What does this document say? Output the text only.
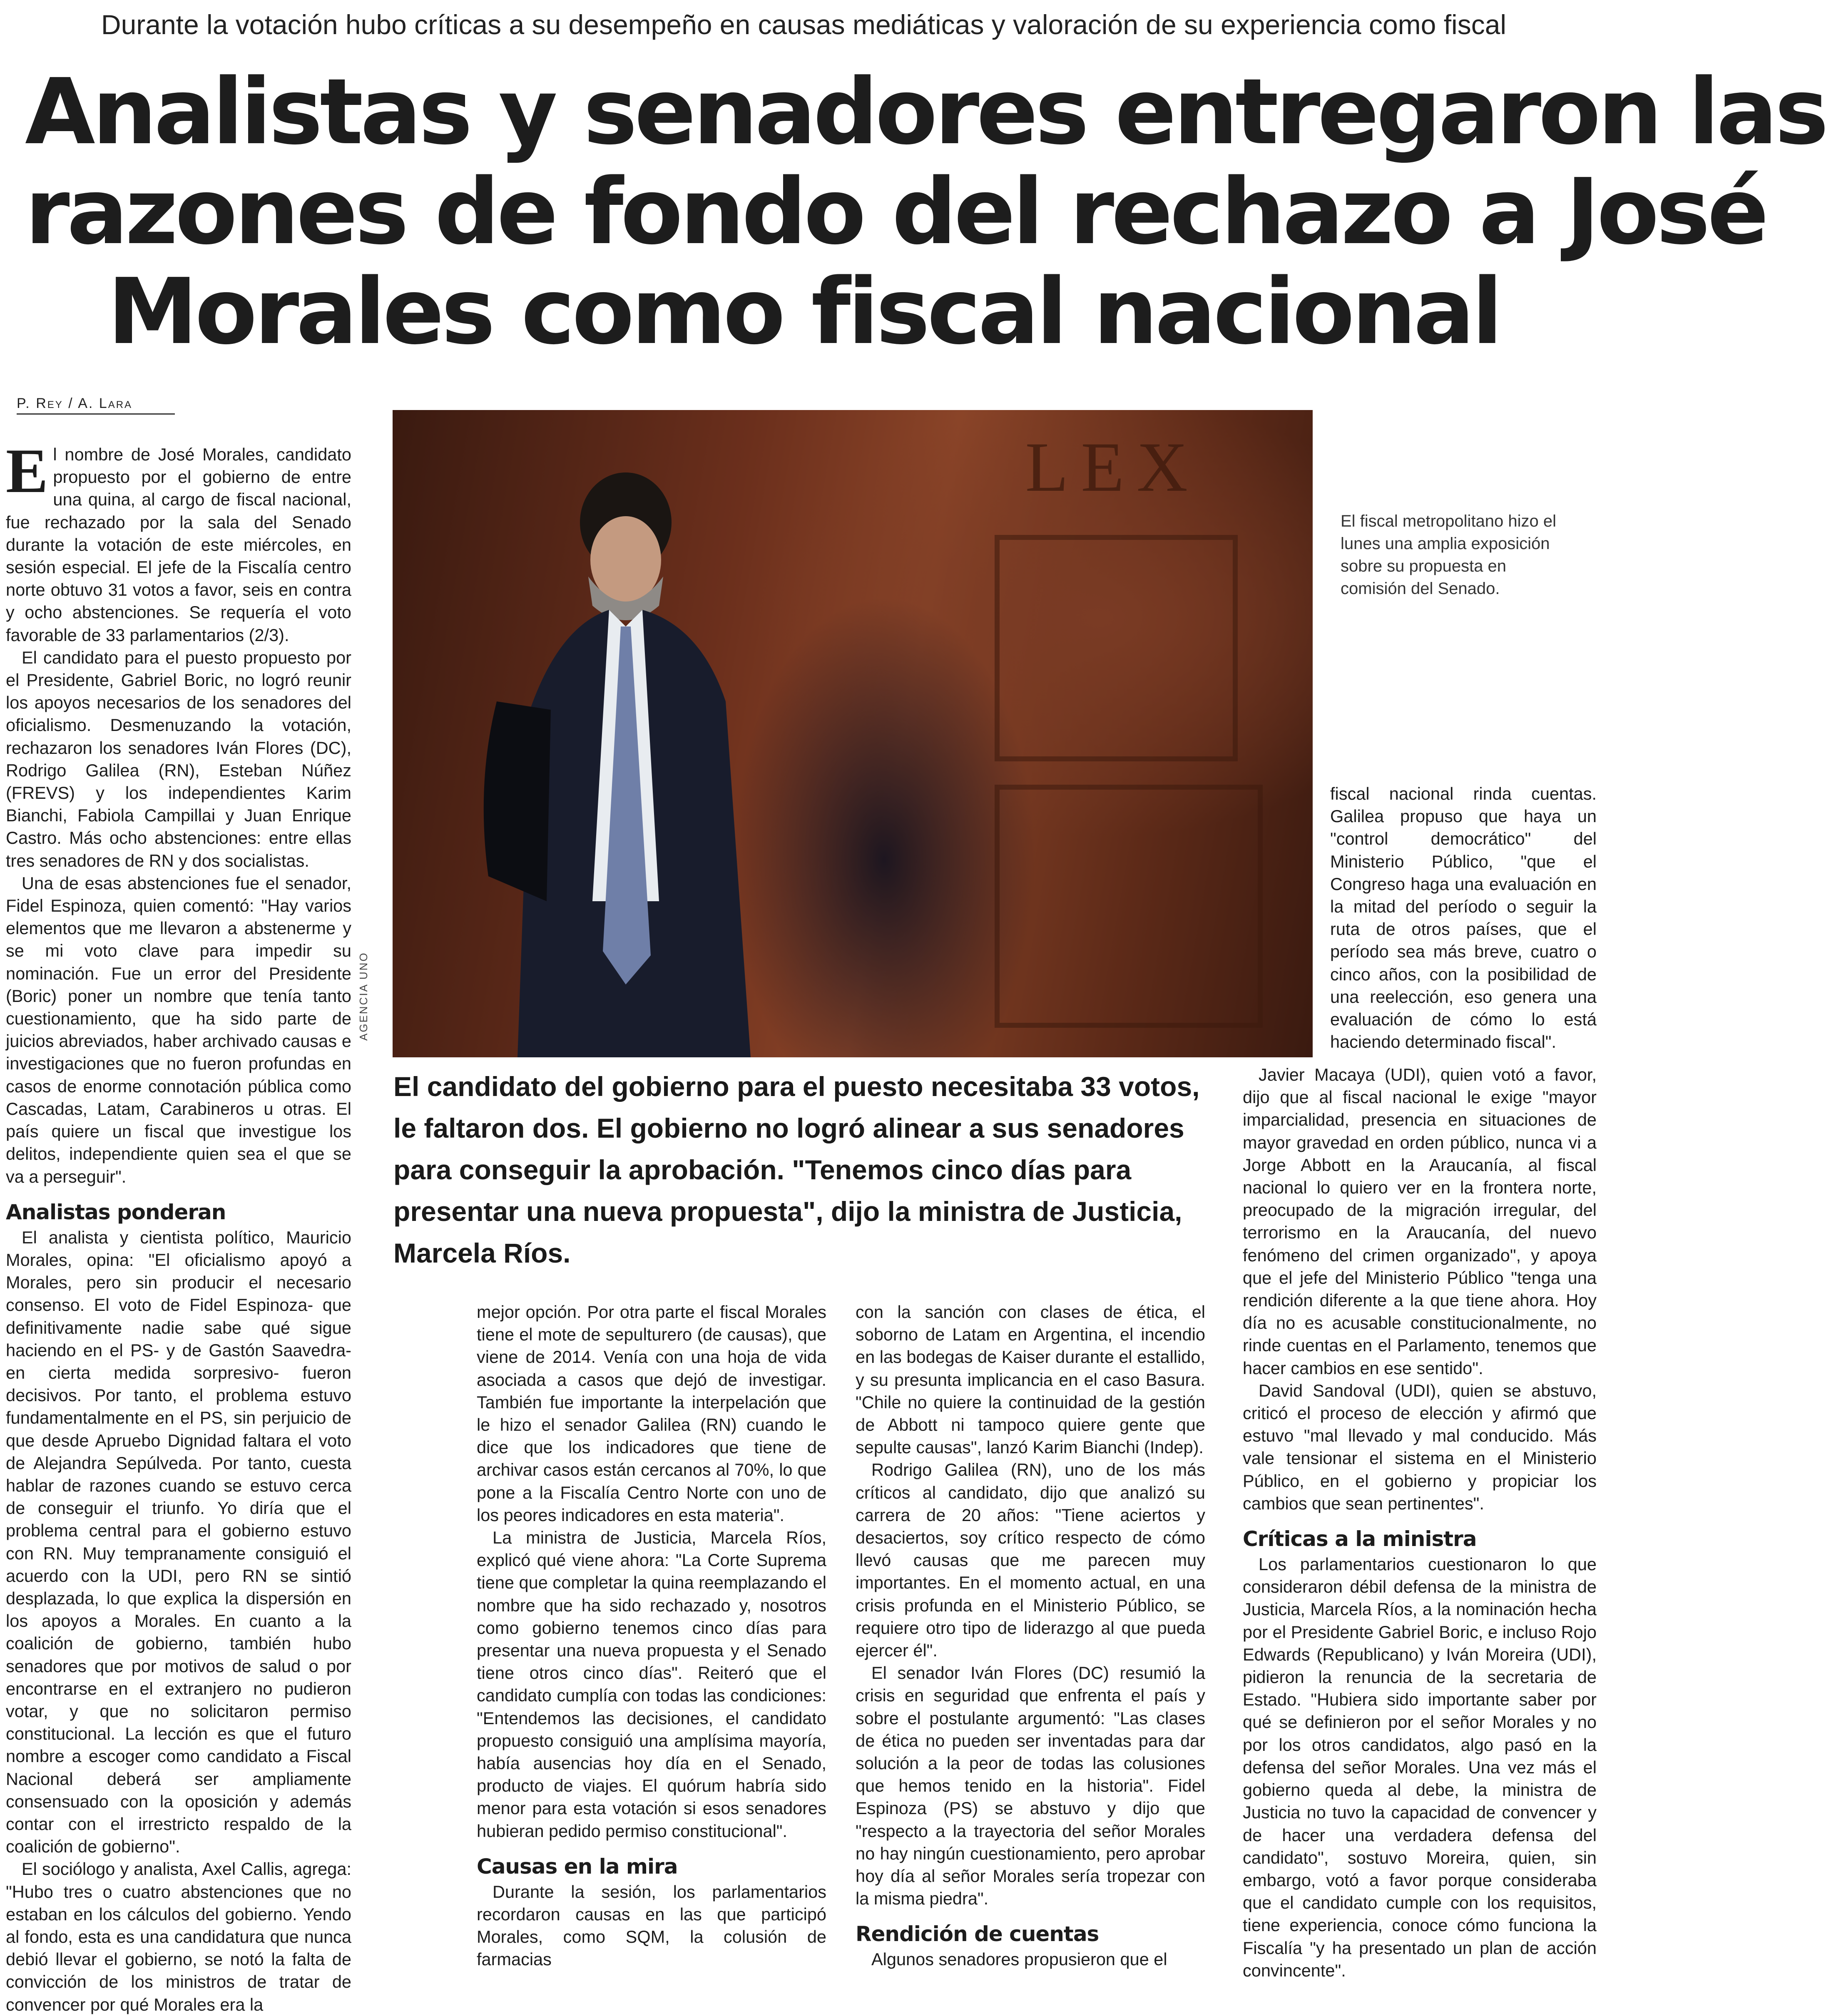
Durante la votación hubo críticas a su desempeño en causas mediáticas y valoración de su experiencia como fiscal
Analistas y senadores entregaron las
razones de fondo del rechazo a José
Morales como fiscal nacional
P. Rey / A. Lara

El nombre de José Morales, candidato propuesto por el gobierno de entre una quina, al cargo de fiscal nacional, fue rechazado por la sala del Senado durante la votación de este miércoles, en sesión especial. El jefe de la Fiscalía centro norte obtuvo 31 votos a favor, seis en contra y ocho abstenciones. Se requería el voto favorable de 33 parlamentarios (2/3).

El candidato para el puesto propuesto por el Presidente, Gabriel Boric, no logró reunir los apoyos necesarios de los senadores del oficialismo. Desmenuzando la votación, rechazaron los senadores Iván Flores (DC), Rodrigo Galilea (RN), Esteban Núñez (FREVS) y los independientes Karim Bianchi, Fabiola Campillai y Juan Enrique Castro. Más ocho abstenciones: entre ellas tres senadores de RN y dos socialistas.

Una de esas abstenciones fue el senador, Fidel Espinoza, quien comentó: "Hay varios elementos que me llevaron a abstenerme y se mi voto clave para impedir su nominación. Fue un error del Presidente (Boric) poner un nombre que tenía tanto cuestionamiento, que ha sido parte de juicios abreviados, haber archivado causas e investigaciones que no fueron profundas en casos de enorme connotación pública como Cascadas, Latam, Carabineros u otras. El país quiere un fiscal que investigue los delitos, independiente quien sea el que se va a perseguir".

Analistas ponderan

El analista y cientista político, Mauricio Morales, opina: "El oficialismo apoyó a Morales, pero sin producir el necesario consenso. El voto de Fidel Espinoza- que definitivamente nadie sabe qué sigue haciendo en el PS- y de Gastón Saavedra- en cierta medida sorpresivo- fueron decisivos. Por tanto, el problema estuvo fundamentalmente en el PS, sin perjuicio de que desde Apruebo Dignidad faltara el voto de Alejandra Sepúlveda. Por tanto, cuesta hablar de razones cuando se estuvo cerca de conseguir el triunfo. Yo diría que el problema central para el gobierno estuvo con RN. Muy tempranamente consiguió el acuerdo con la UDI, pero RN se sintió desplazada, lo que explica la dispersión en los apoyos a Morales. En cuanto a la coalición de gobierno, también hubo senadores que por motivos de salud o por encontrarse en el extranjero no pudieron votar, y que no solicitaron permiso constitucional. La lección es que el futuro nombre a escoger como candidato a Fiscal Nacional deberá ser ampliamente consensuado con la oposición y además contar con el irrestricto respaldo de la coalición de gobierno".

El sociólogo y analista, Axel Callis, agrega: "Hubo tres o cuatro abstenciones que no estaban en los cálculos del gobierno. Yendo al fondo, esta es una candidatura que nunca debió llevar el gobierno, se notó la falta de convicción de los ministros de tratar de convencer por qué Morales era la

LEX
AGENCIA UNO
El fiscal metropolitano hizo el lunes una amplia exposición sobre su propuesta en comisión del Senado.
El candidato del gobierno para el puesto necesitaba 33 votos, le faltaron dos. El gobierno no logró alinear a sus senadores para conseguir la aprobación. "Tenemos cinco días para presentar una nueva propuesta", dijo la ministra de Justicia, Marcela Ríos.

mejor opción. Por otra parte el fiscal Morales tiene el mote de sepulturero (de causas), que viene de 2014. Venía con una hoja de vida asociada a casos que dejó de investigar. También fue importante la interpelación que le hizo el senador Galilea (RN) cuando le dice que los indicadores que tiene de archivar casos están cercanos al 70%, lo que pone a la Fiscalía Centro Norte con uno de los peores indicadores en esta materia".

La ministra de Justicia, Marcela Ríos, explicó qué viene ahora: "La Corte Suprema tiene que completar la quina reemplazando el nombre que ha sido rechazado y, nosotros como gobierno tenemos cinco días para presentar una nueva propuesta y el Senado tiene otros cinco días". Reiteró que el candidato cumplía con todas las condiciones: "Entendemos las decisiones, el candidato propuesto consiguió una amplísima mayoría, había ausencias hoy día en el Senado, producto de viajes. El quórum habría sido menor para esta votación si esos senadores hubieran pedido permiso constitucional".

Causas en la mira

Durante la sesión, los parlamentarios recordaron causas en las que participó Morales, como SQM, la colusión de farmacias

con la sanción con clases de ética, el soborno de Latam en Argentina, el incendio en las bodegas de Kaiser durante el estallido, y su presunta implicancia en el caso Basura. "Chile no quiere la continuidad de la gestión de Abbott ni tampoco quiere gente que sepulte causas", lanzó Karim Bianchi (Indep).

Rodrigo Galilea (RN), uno de los más críticos al candidato, dijo que analizó su carrera de 20 años: "Tiene aciertos y desaciertos, soy crítico respecto de cómo llevó causas que me parecen muy importantes. En el momento actual, en una crisis profunda en el Ministerio Público, se requiere otro tipo de liderazgo al que pueda ejercer él".

El senador Iván Flores (DC) resumió la crisis en seguridad que enfrenta el país y sobre el postulante argumentó: "Las clases de ética no pueden ser inventadas para dar solución a la peor de todas las colusiones que hemos tenido en la historia". Fidel Espinoza (PS) se abstuvo y dijo que "respecto a la trayectoria del señor Morales no hay ningún cuestionamiento, pero aprobar hoy día al señor Morales sería tropezar con la misma piedra".

Rendición de cuentas

Algunos senadores propusieron que el

fiscal nacional rinda cuentas. Galilea propuso que haya un "control democrático" del Ministerio Público, "que el Congreso haga una evaluación en la mitad del período o seguir la ruta de otros países, que el período sea más breve, cuatro o cinco años, con la posibilidad de una reelección, eso genera una evaluación de cómo lo está haciendo determinado fiscal".

Javier Macaya (UDI), quien votó a favor, dijo que al fiscal nacional le exige "mayor imparcialidad, presencia en situaciones de mayor gravedad en orden público, nunca vi a Jorge Abbott en la Araucanía, al fiscal nacional lo quiero ver en la frontera norte, preocupado de la migración irregular, del terrorismo en la Araucanía, del nuevo fenómeno del crimen organizado", y apoya que el jefe del Ministerio Público "tenga una rendición diferente a la que tiene ahora. Hoy día no es acusable constitucionalmente, no rinde cuentas en el Parlamento, tenemos que hacer cambios en ese sentido".

David Sandoval (UDI), quien se abstuvo, criticó el proceso de elección y afirmó que estuvo "mal llevado y mal conducido. Más vale tensionar el sistema en el Ministerio Público, en el gobierno y propiciar los cambios que sean pertinentes".

Críticas a la ministra

Los parlamentarios cuestionaron lo que consideraron débil defensa de la ministra de Justicia, Marcela Ríos, a la nominación hecha por el Presidente Gabriel Boric, e incluso Rojo Edwards (Republicano) y Iván Moreira (UDI), pidieron la renuncia de la secretaria de Estado. "Hubiera sido importante saber por qué se definieron por el señor Morales y no por los otros candidatos, algo pasó en la defensa del señor Morales. Una vez más el gobierno queda al debe, la ministra de Justicia no tuvo la capacidad de convencer y de hacer una verdadera defensa del candidato", sostuvo Moreira, quien, sin embargo, votó a favor porque consideraba que el candidato cumple con los requisitos, tiene experiencia, conoce cómo funciona la Fiscalía "y ha presentado un plan de acción convincente".
